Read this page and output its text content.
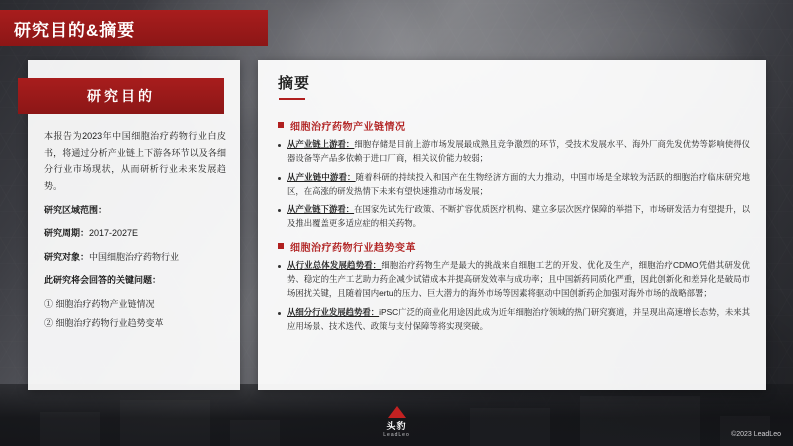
研究目的&摘要
研究目的

本报告为2023年中国细胞治疗药物行业白皮书，将通过分析产业链上下游各环节以及各细分行业市场现状，从而研析行业未来发展趋势。

研究区域范围：

研究周期：2017-2027E

研究对象：中国细胞治疗药物行业

此研究将会回答的关键问题：

① 细胞治疗药物产业链情况
② 细胞治疗药物行业趋势变革
摘要
细胞治疗药物产业链情况
从产业链上游看：细胞存储是目前上游市场发展最成熟且竞争激烈的环节，受技术发展水平、海外厂商先发优势等影响使得仪器设备等产品多依赖于进口厂商，相关议价能力较弱；
从产业链中游看：随着科研的持续投入和国产在生物经济方面的大力推动，中国市场是全球较为活跃的细胞治疗临床研究地区，在高涨的研发热情下未来有望快速推动市场发展；
从产业链下游看：在国家先试先行'政策、不断扩容优质医疗机构、建立多层次医疗保障的举措下，市场研发活力有望提升，以及推出覆盖更多适应症的相关药物。
细胞治疗药物行业趋势变革
从行业总体发展趋势看：细胞治疗药物生产是最大的挑战来自细胞工艺的开发、优化及生产，细胞治疗CDMO凭借其研发优势、稳定的生产工艺助力药企减少试错成本并提高研发效率与成功率；且中国新药同质化严重，因此创新化和差异化是破局市场困扰关键，且随着国内ertu的压力、巨大潜力的海外市场等因素将驱动中国创新药企加强对海外市场的战略部署；
从细分行业发展趋势看：iPSC广泛的商业化用途因此成为近年细胞治疗领域的热门研究赛道，并呈现出高速增长态势，未来其应用场景、技术迭代、政策与支付保障等将实现突破。
头豹
LeadLeo	©2023 LeadLeo
